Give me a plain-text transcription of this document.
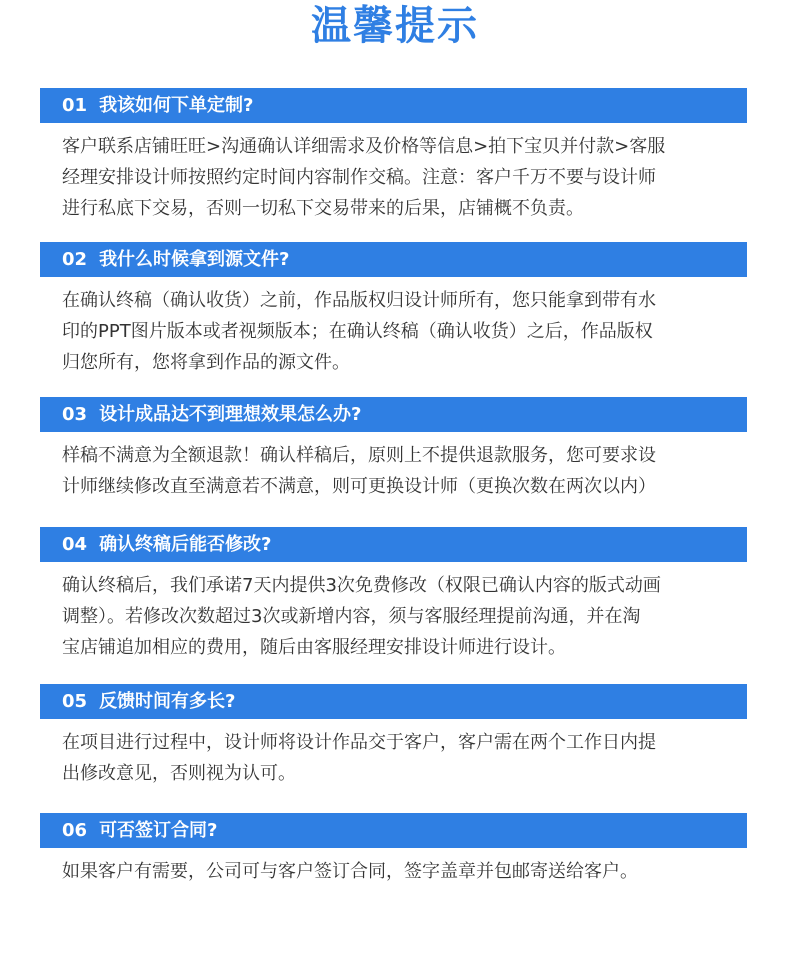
温馨提示
01 我该如何下单定制?
客户联系店铺旺旺>沟通确认详细需求及价格等信息>拍下宝贝并付款>客服
经理安排设计师按照约定时间内容制作交稿。注意：客户千万不要与设计师
进行私底下交易，否则一切私下交易带来的后果，店铺概不负责。
02 我什么时候拿到源文件?
在确认终稿（确认收货）之前，作品版权归设计师所有，您只能拿到带有水
印的PPT图片版本或者视频版本；在确认终稿（确认收货）之后，作品版权
归您所有，您将拿到作品的源文件。
03 设计成品达不到理想效果怎么办?
样稿不满意为全额退款！确认样稿后，原则上不提供退款服务，您可要求设
计师继续修改直至满意若不满意，则可更换设计师（更换次数在两次以内）
04 确认终稿后能否修改?
确认终稿后，我们承诺7天内提供3次免费修改（权限已确认内容的版式动画
调整）。若修改次数超过3次或新增内容，须与客服经理提前沟通，并在淘
宝店铺追加相应的费用，随后由客服经理安排设计师进行设计。
05 反馈时间有多长?
在项目进行过程中，设计师将设计作品交于客户，客户需在两个工作日内提
出修改意见，否则视为认可。
06 可否签订合同?
如果客户有需要，公司可与客户签订合同，签字盖章并包邮寄送给客户。
